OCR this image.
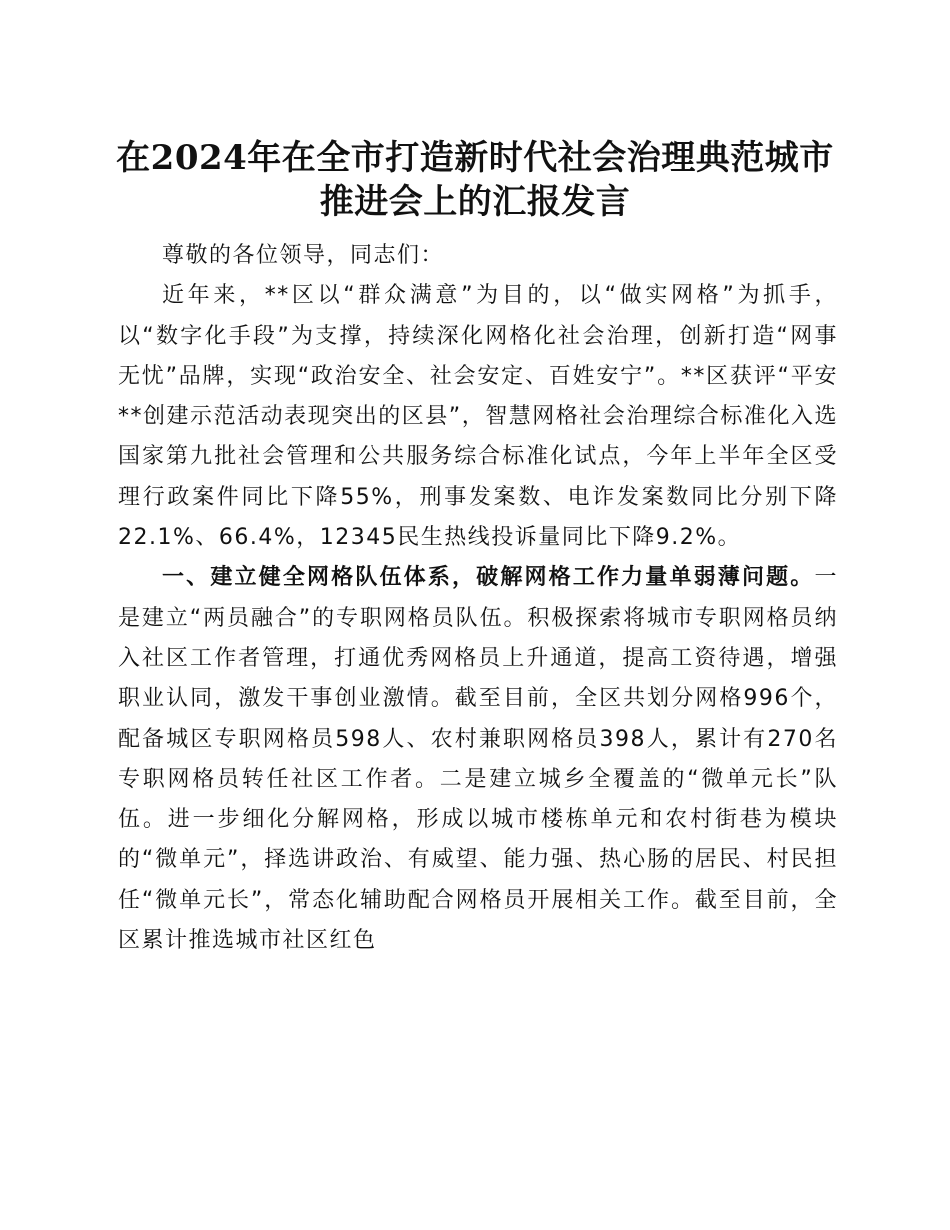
在2024年在全市打造新时代社会治理典范城市
推进会上的汇报发言

尊敬的各位领导，同志们：

近年来，**区以“群众满意”为目的，以“做实网格”为抓手，以“数字化手段”为支撑，持续深化网格化社会治理，创新打造“网事无忧”品牌，实现“政治安全、社会安定、百姓安宁”。**区获评“平安**创建示范活动表现突出的区县”，智慧网格社会治理综合标准化入选国家第九批社会管理和公共服务综合标准化试点，今年上半年全区受理行政案件同比下降55%，刑事发案数、电诈发案数同比分别下降22.1%、66.4%，12345民生热线投诉量同比下降9.2%。

一、建立健全网格队伍体系，破解网格工作力量单弱薄问题。一是建立“两员融合”的专职网格员队伍。积极探索将城市专职网格员纳入社区工作者管理，打通优秀网格员上升通道，提高工资待遇，增强职业认同，激发干事创业激情。截至目前，全区共划分网格996个，配备城区专职网格员598人、农村兼职网格员398人，累计有270名专职网格员转任社区工作者。二是建立城乡全覆盖的“微单元长”队伍。进一步细化分解网格，形成以城市楼栋单元和农村街巷为模块的“微单元”，择选讲政治、有威望、能力强、热心肠的居民、村民担任“微单元长”，常态化辅助配合网格员开展相关工作。截至目前，全区累计推选城市社区红色
